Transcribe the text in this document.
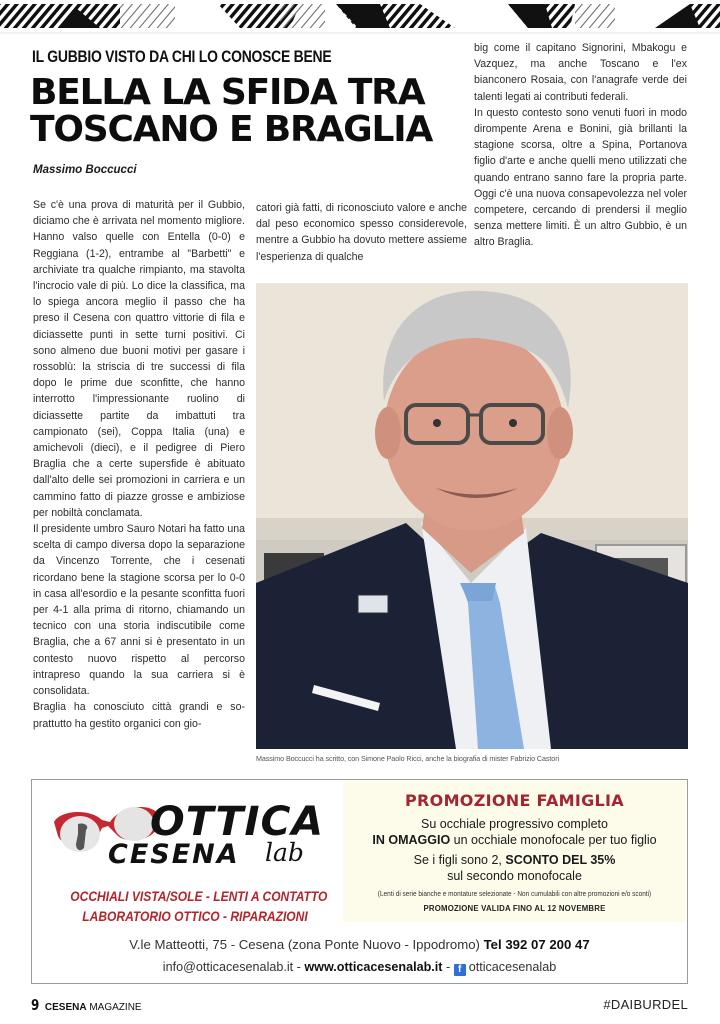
IL GUBBIO VISTO DA CHI LO CONOSCE BENE
BELLA LA SFIDA TRA
TOSCANO E BRAGLIA
Massimo Boccucci

Se c'è una prova di maturità per il Gubbio, diciamo che è arrivata nel momento migliore. Hanno valso quelle con Entella (0-0) e Reggiana (1-2), entrambe al "Barbetti" e archiviate tra qualche rimpianto, ma stavolta l'incrocio vale di più. Lo dice la classifica, ma lo spiega ancora meglio il passo che ha preso il Cesena con quattro vittorie di fila e diciassette punti in sette turni positivi. Ci sono almeno due buoni motivi per gasare i rossoblù: la striscia di tre successi di fila dopo le prime due sconfitte, che hanno interrotto l'impressionante ruolino di diciassette partite da imbattuti tra campionato (sei), Coppa Italia (una) e amichevoli (dieci), e il pedigree di Piero Braglia che a certe supersfide è abituato dall'alto delle sei promozioni in carriera e un cammino fatto di piazze grosse e ambiziose per nobiltà conclamata.

Il presidente umbro Sauro Notari ha fatto una scelta di campo diversa dopo la separazione da Vincenzo Torrente, che i cesenati ricordano bene la stagione scorsa per lo 0-0 in casa all'esordio e la pesante sconfitta fuori per 4-1 alla prima di ritorno, chiamando un tecnico con una storia indiscutibile come Braglia, che a 67 anni si è presentato in un contesto nuovo rispetto al percorso intrapreso quando la sua carriera si è consolidata.

Braglia ha conosciuto città grandi e soprattutto ha gestito organici con gio-

catori già fatti, di riconosciuto valore e anche dal peso economico spesso considerevole, mentre a Gubbio ha dovuto mettere assieme l'esperienza di qualche

big come il capitano Signorini, Mbakogu e Vazquez, ma anche Toscano e l'ex bianconero Rosaia, con l'anagrafe verde dei talenti legati ai contributi federali.

In questo contesto sono venuti fuori in modo dirompente Arena e Bonini, già brillanti la stagione scorsa, oltre a Spina, Portanova figlio d'arte e anche quelli meno utilizzati che quando entrano sanno fare la propria parte. Oggi c'è una nuova consapevolezza nel voler competere, cercando di prendersi il meglio senza mettere limiti. È un altro Gubbio, è un altro Braglia.

Massimo Boccucci ha scritto, con Simone Paolo Ricci, anche la biografia di mister Fabrizio Castori
OTTICA
CESENA lab
OCCHIALI VISTA/SOLE - LENTI A CONTATTO
LABORATORIO OTTICO - RIPARAZIONI
PROMOZIONE FAMIGLIA
Su occhiale progressivo completo
IN OMAGGIO un occhiale monofocale per tuo figlio
Se i figli sono 2, SCONTO DEL 35%
sul secondo monofocale
(Lenti di serie bianche e montature selezionate - Non cumulabili con altre promozioni e/o sconti)
PROMOZIONE VALIDA FINO AL 12 NOVEMBRE
V.le Matteotti, 75 - Cesena (zona Ponte Nuovo - Ippodromo) Tel 392 07 200 47
info@otticacesenalab.it - www.otticacesenalab.it - f otticacesenalab
9 CESENA MAGAZINE	#DAIBURDEL
